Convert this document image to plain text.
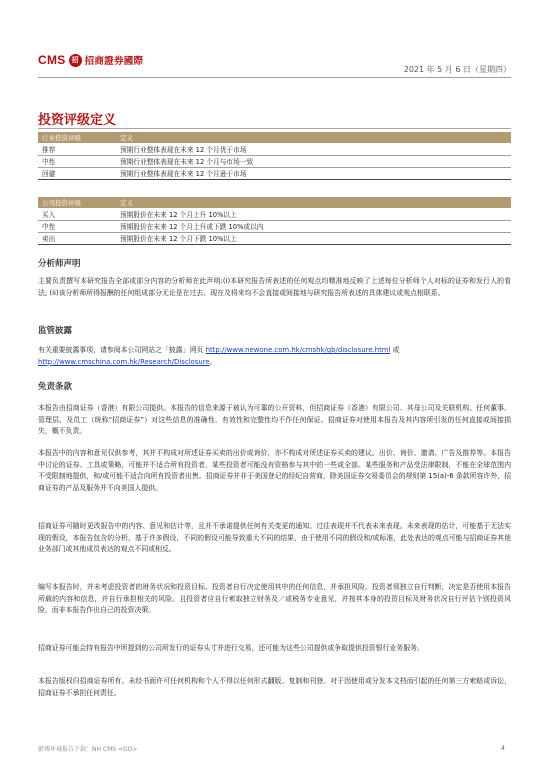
CMS 招 招商證券國際
2021 年 5 月 6 日（星期四）
投资评级定义
行业投资评级	定义
推荐	预期行业整体表现在未来 12 个月优于市场
中性	预期行业整体表现在未来 12 个月与市场一致
回避	预期行业整体表现在未来 12 个月逊于市场
公司投资评级	定义
买入	预期股价在未来 12 个月上升 10%以上
中性	预期股价在未来 12 个月上升或下跌 10%或以内
卖出	预期股价在未来 12 个月下跌 10%以上
分析师声明
主要负责撰写本研究报告全部或部分内容的分析师在此声明:(i)本研究报告所表述的任何观点均精准地反映了上述每位分析师个人对标的证券和发行人的看法; (ii)该分析师所得报酬的任何组成部分无论是在过去、现在及将来均不会直接或间接地与研究报告所表述的具体建议或观点相联系。
监管披露
有关重要披露事项，请参阅本公司网站之「披露」网页 http://www.newone.com.hk/cmshk/gb/disclosure.html 或
http://www.cmschina.com.hk/Research/Disclosure。
免责条款
本报告由招商证券（香港）有限公司提供。本报告的信息来源于被认为可靠的公开资料，但招商证券（香港）有限公司、其母公司及关联机构、任何董事、管理层、及员工（统称“招商证券”）对这些信息的准确性、有效性和完整性均不作任何保证。招商证券对使用本报告及其内容所引发的任何直接或间接损失，概不负责。
本报告中的内容和意见仅供参考，其并不构成对所述证券买卖的出价或询价，亦不构成对所述证券买卖的建议。出价、询价、邀请、广告及推荐等。本报告中讨论的证券、工具或策略，可能并不适合所有投资者，某些投资者可能没有资格参与其中的一些或全部。某些服务和产品受法律限制，不能在全球范围内不受限制地提供，和/或可能不适合向所有投资者出售。招商证券并非于美国登记的经纪自营商，除美国证券交易委员会的规则第 15(a)-6 条款所容许外，招商证券的产品及服务并不向美国人提供。
招商证券可随时更改报告中的内容、意见和估计等，且并不承诺提供任何有关变更的通知。过往表现并不代表未来表现。未来表现的估计，可能基于无法实现的假设，本报告包含的分析，基于许多假设，不同的假设可能导致重大不同的结果，由于使用不同的假设和/或标准，此处表达的观点可能与招商证券其他业务部门或其他成员表达的观点不同或相反。
编写本报告时，并未考虑投资者的财务状况和投资目标。投资者自行决定使用其中的任何信息，并承担风险。投资者须独立自行判断，决定是否使用本报告所载的内容和信息，并自行承担相关的风险。且投资者应自行索取独立财务及／或税务专业意见，并按其本身的投资目标及财务状况自行评估个别投资风险，而非本报告作出自己的投资决策。
招商证券可能会持有报告中所提到的公司所发行的证券头寸并进行交易，还可能为这些公司提供或争取提供投资银行业务服务。
本报告版权归招商证券所有。未经书面许可任何机构和个人不得以任何形式翻版、复制和刊登。对于因使用或分发本文档而引起的任何第三方索赔或诉讼，招商证券不承担任何责任。
影博环城报告下载：NH CMS <GO>	4
